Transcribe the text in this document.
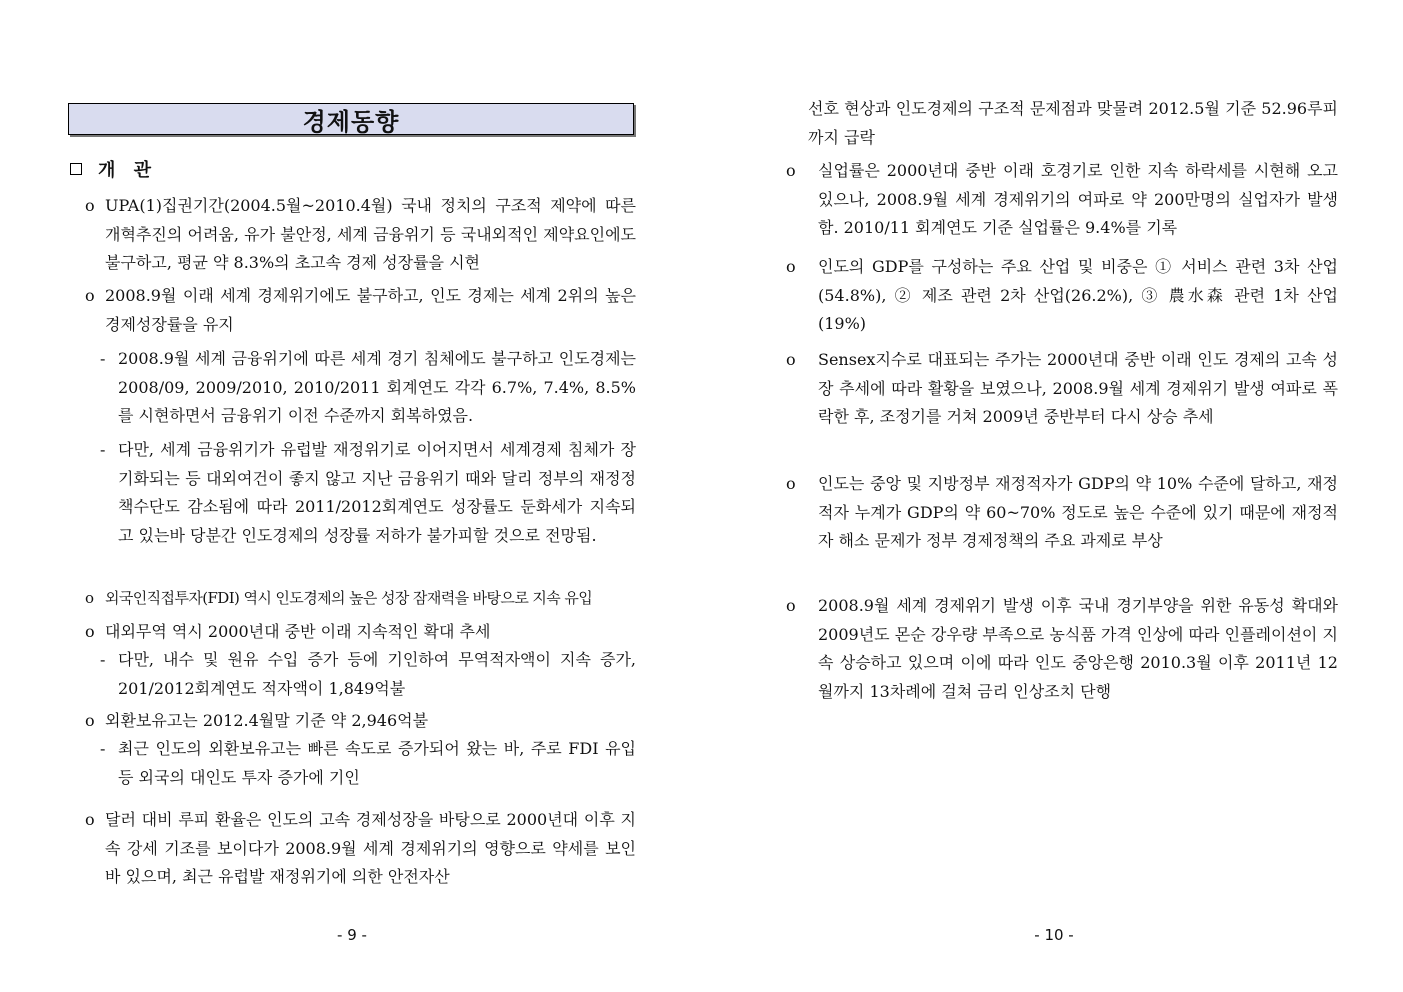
경제동향
개 관
o UPA(1)집권기간(2004.5월~2010.4월) 국내 정치의 구조적 제약에 따른 개혁추진의 어려움, 유가 불안정, 세계 금융위기 등 국내외적인 제약요인에도 불구하고, 평균 약 8.3%의 초고속 경제 성장률을 시현
o 2008.9월 이래 세계 경제위기에도 불구하고, 인도 경제는 세계 2위의 높은 경제성장률을 유지
- 2008.9월 세계 금융위기에 따른 세계 경기 침체에도 불구하고 인도경제는 2008/09, 2009/2010, 2010/2011 회계연도 각각 6.7%, 7.4%, 8.5%를 시현하면서 금융위기 이전 수준까지 회복하였음.
- 다만, 세계 금융위기가 유럽발 재정위기로 이어지면서 세계경제 침체가 장기화되는 등 대외여건이 좋지 않고 지난 금융위기 때와 달리 정부의 재정정책수단도 감소됨에 따라 2011/2012회계연도 성장률도 둔화세가 지속되고 있는바 당분간 인도경제의 성장률 저하가 불가피할 것으로 전망됨.
o 외국인직접투자(FDI) 역시 인도경제의 높은 성장 잠재력을 바탕으로 지속 유입
o 대외무역 역시 2000년대 중반 이래 지속적인 확대 추세
- 다만, 내수 및 원유 수입 증가 등에 기인하여 무역적자액이 지속 증가, 201/2012회계연도 적자액이 1,849억불
o 외환보유고는 2012.4월말 기준 약 2,946억불
- 최근 인도의 외환보유고는 빠른 속도로 증가되어 왔는 바, 주로 FDI 유입 등 외국의 대인도 투자 증가에 기인
o 달러 대비 루피 환율은 인도의 고속 경제성장을 바탕으로 2000년대 이후 지속 강세 기조를 보이다가 2008.9월 세계 경제위기의 영향으로 약세를 보인 바 있으며, 최근 유럽발 재정위기에 의한 안전자산
- 9 -
선호 현상과 인도경제의 구조적 문제점과 맞물려 2012.5월 기준 52.96루피까지 급락
o 실업률은 2000년대 중반 이래 호경기로 인한 지속 하락세를 시현해 오고 있으나, 2008.9월 세계 경제위기의 여파로 약 200만명의 실업자가 발생함. 2010/11 회계연도 기준 실업률은 9.4%를 기록
o 인도의 GDP를 구성하는 주요 산업 및 비중은 ① 서비스 관련 3차 산업(54.8%), ② 제조 관련 2차 산업(26.2%), ③ 農水森 관련 1차 산업(19%)
o Sensex지수로 대표되는 주가는 2000년대 중반 이래 인도 경제의 고속 성장 추세에 따라 활황을 보였으나, 2008.9월 세계 경제위기 발생 여파로 폭락한 후, 조정기를 거쳐 2009년 중반부터 다시 상승 추세
o 인도는 중앙 및 지방정부 재정적자가 GDP의 약 10% 수준에 달하고, 재정적자 누계가 GDP의 약 60~70% 정도로 높은 수준에 있기 때문에 재정적자 해소 문제가 정부 경제정책의 주요 과제로 부상
o 2008.9월 세계 경제위기 발생 이후 국내 경기부양을 위한 유동성 확대와 2009년도 몬순 강우량 부족으로 농식품 가격 인상에 따라 인플레이션이 지속 상승하고 있으며 이에 따라 인도 중앙은행 2010.3월 이후 2011년 12월까지 13차례에 걸쳐 금리 인상조치 단행
- 10 -
